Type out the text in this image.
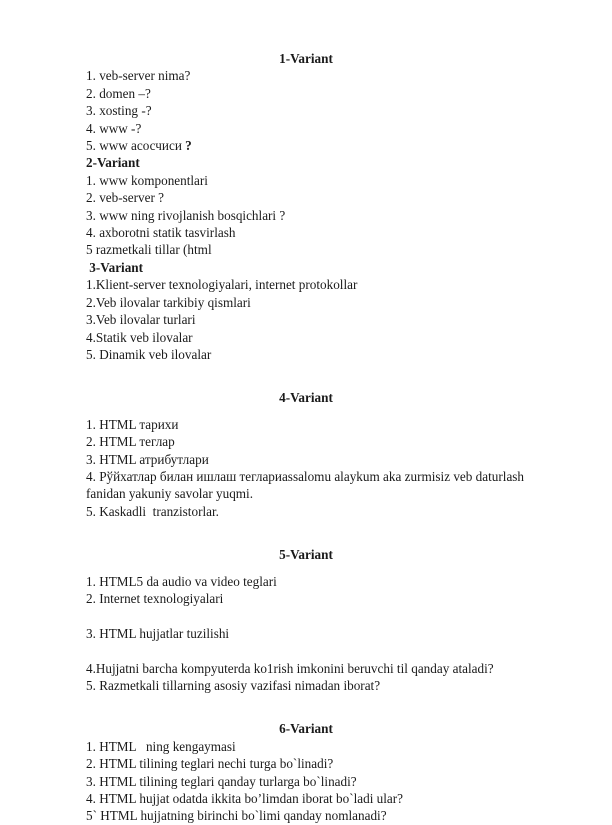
1-Variant
1. veb-server nima?
2. domen –?
3. xosting -?
4. www -?
5. www асосчиси ?
2-Variant
1. www komponentlari
2. veb-server ?
3. www ning rivojlanish bosqichlari ?
4. axborotni statik tasvirlash
5 razmetkali tillar (html
3-Variant
1.Klient-server texnologiyalari, internet protokollar
2.Veb ilovalar tarkibiy qismlari
3.Veb ilovalar turlari
4.Statik veb ilovalar
5. Dinamik veb ilovalar
4-Variant
1. HTML тарихи
2. HTML теглар
3. HTML атрибутлари
4. Рўйхатлар билан ишлаш теглариassalomu alaykum aka zurmisiz veb daturlash fanidan yakuniy savolar yuqmi.
5. Kaskadli  tranzistorlar.
5-Variant
1. HTML5 da audio va video teglari
2. Internet texnologiyalari
3. HTML hujjatlar tuzilishi
4.Hujjatni barcha kompyuterda ko1rish imkonini beruvchi til qanday ataladi?
5. Razmetkali tillarning asosiy vazifasi nimadan iborat?
6-Variant
1. HTML   ning kengaymasi
2. HTML tilining teglari nechi turga bo`linadi?
3. HTML tilining teglari qanday turlarga bo`linadi?
4. HTML hujjat odatda ikkita bo’limdan iborat bo`ladi ular?
5` HTML hujjatning birinchi bo`limi qanday nomlanadi?
